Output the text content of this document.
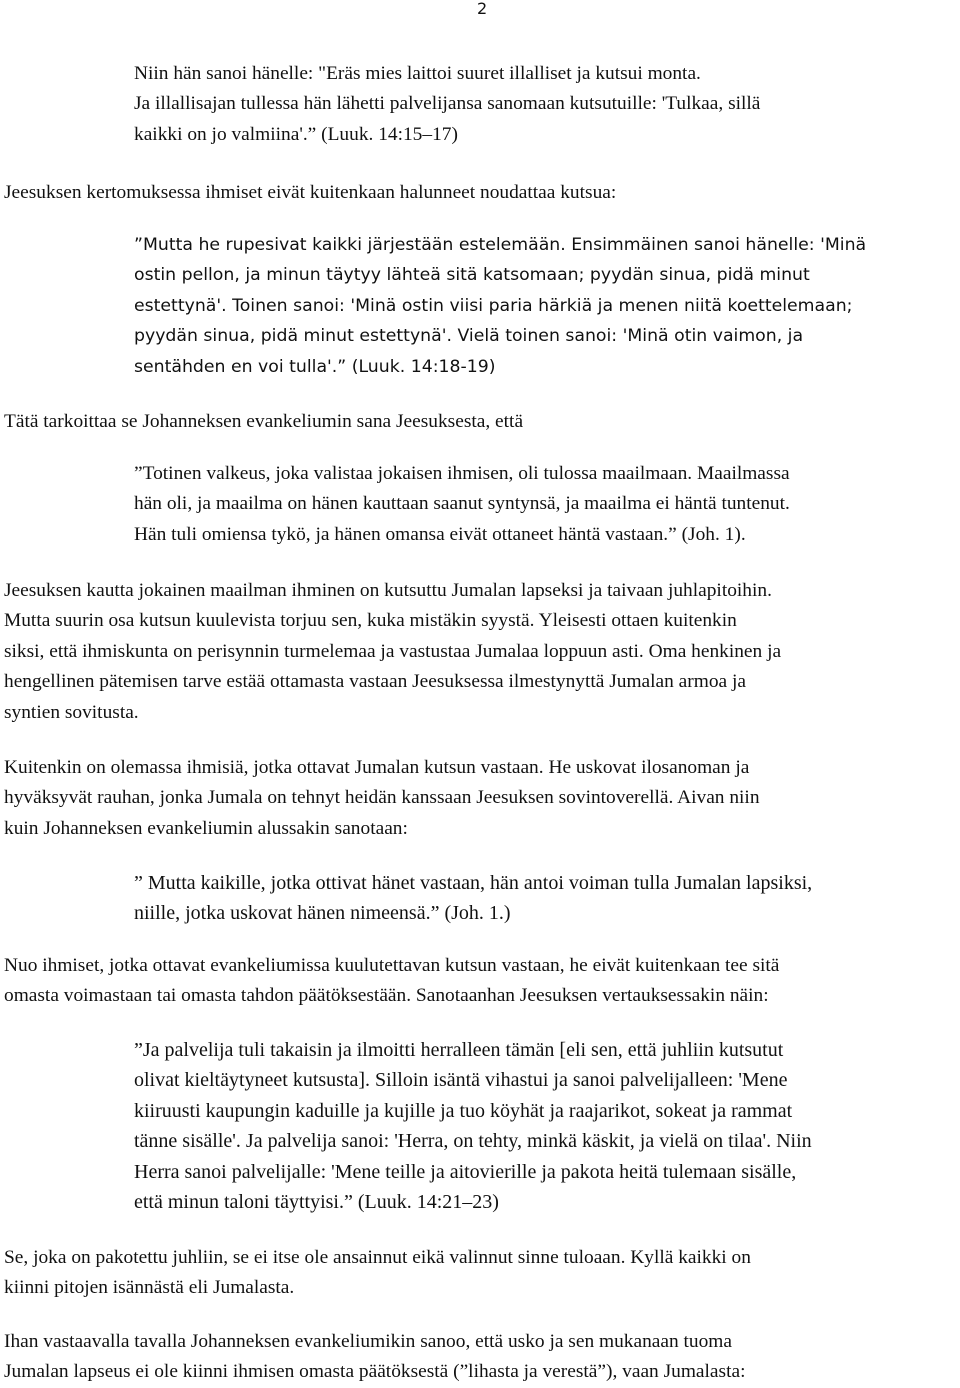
2
Niin hän sanoi hänelle: "Eräs mies laittoi suuret illalliset ja kutsui monta.
Ja illallisajan tullessa hän lähetti palvelijansa sanomaan kutsutuille: 'Tulkaa, sillä
kaikki on jo valmiina'.” (Luuk. 14:15–17)
Jeesuksen kertomuksessa ihmiset eivät kuitenkaan halunneet noudattaa kutsua:
”Mutta he rupesivat kaikki järjestään estelemään. Ensimmäinen sanoi hänelle: 'Minä
ostin pellon, ja minun täytyy lähteä sitä katsomaan; pyydän sinua, pidä minut
estettynä'. Toinen sanoi: 'Minä ostin viisi paria härkiä ja menen niitä koettelemaan;
pyydän sinua, pidä minut estettynä'. Vielä toinen sanoi: 'Minä otin vaimon, ja
sentähden en voi tulla'.” (Luuk. 14:18-19)
Tätä tarkoittaa se Johanneksen evankeliumin sana Jeesuksesta, että
”Totinen valkeus, joka valistaa jokaisen ihmisen, oli tulossa maailmaan. Maailmassa
hän oli, ja maailma on hänen kauttaan saanut syntynsä, ja maailma ei häntä tuntenut.
Hän tuli omiensa tykö, ja hänen omansa eivät ottaneet häntä vastaan.” (Joh. 1).
Jeesuksen kautta jokainen maailman ihminen on kutsuttu Jumalan lapseksi ja taivaan juhlapitoihin.
Mutta suurin osa kutsun kuulevista torjuu sen, kuka mistäkin syystä. Yleisesti ottaen kuitenkin
siksi, että ihmiskunta on perisynnin turmelemaa ja vastustaa Jumalaa loppuun asti. Oma henkinen ja
hengellinen pätemisen tarve estää ottamasta vastaan Jeesuksessa ilmestynyttä Jumalan armoa ja
syntien sovitusta.
Kuitenkin on olemassa ihmisiä, jotka ottavat Jumalan kutsun vastaan. He uskovat ilosanoman ja
hyväksyvät rauhan, jonka Jumala on tehnyt heidän kanssaan Jeesuksen sovintoverellä. Aivan niin
kuin Johanneksen evankeliumin alussakin sanotaan:
” Mutta kaikille, jotka ottivat hänet vastaan, hän antoi voiman tulla Jumalan lapsiksi,
niille, jotka uskovat hänen nimeensä.” (Joh. 1.)
Nuo ihmiset, jotka ottavat evankeliumissa kuulutettavan kutsun vastaan, he eivät kuitenkaan tee sitä
omasta voimastaan tai omasta tahdon päätöksestään. Sanotaanhan Jeesuksen vertauksessakin näin:
”Ja palvelija tuli takaisin ja ilmoitti herralleen tämän [eli sen, että juhliin kutsutut
olivat kieltäytyneet kutsusta]. Silloin isäntä vihastui ja sanoi palvelijalleen: 'Mene
kiiruusti kaupungin kaduille ja kujille ja tuo köyhät ja raajarikot, sokeat ja rammat
tänne sisälle'. Ja palvelija sanoi: 'Herra, on tehty, minkä käskit, ja vielä on tilaa'. Niin
Herra sanoi palvelijalle: 'Mene teille ja aitovierille ja pakota heitä tulemaan sisälle,
että minun taloni täyttyisi.” (Luuk. 14:21–23)
Se, joka on pakotettu juhliin, se ei itse ole ansainnut eikä valinnut sinne tuloaan. Kyllä kaikki on
kiinni pitojen isännästä eli Jumalasta.
Ihan vastaavalla tavalla Johanneksen evankeliumikin sanoo, että usko ja sen mukanaan tuoma
Jumalan lapseus ei ole kiinni ihmisen omasta päätöksestä (”lihasta ja verestä”), vaan Jumalasta:
